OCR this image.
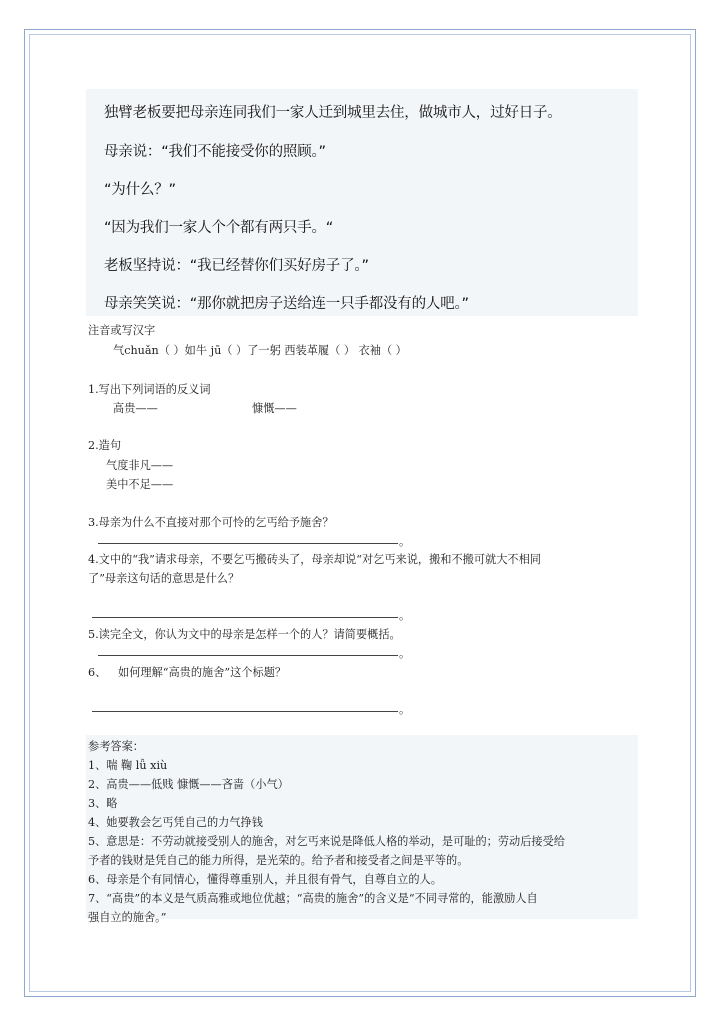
独臂老板要把母亲连同我们一家人迁到城里去住，做城市人，过好日子。
母亲说：“我们不能接受你的照顾。”
“为什么？”
“因为我们一家人个个都有两只手。“
老板坚持说：“我已经替你们买好房子了。”
母亲笑笑说：“那你就把房子送给连一只手都没有的人吧。”
注音或写汉字
气chuǎn（ ）如牛 jū（ ）了一躬 西装革履（ ） 衣袖（ ）
1.写出下列词语的反义词
高贵——	慷慨——
2.造句
气度非凡——
美中不足——
3.母亲为什么不直接对那个可怜的乞丐给予施舍？
。
4.文中的“我”请求母亲，不要乞丐搬砖头了，母亲却说“对乞丐来说，搬和不搬可就大不相同
了”母亲这句话的意思是什么？
。
5.读完全文，你认为文中的母亲是怎样一个的人？请简要概括。
。
6、 如何理解“高贵的施舍”这个标题？
。
参考答案：
1、喘 鞠 lǚ xiù
2、高贵——低贱 慷慨——吝啬（小气）
3、略
4、她要教会乞丐凭自己的力气挣钱
5、意思是：不劳动就接受别人的施舍，对乞丐来说是降低人格的举动，是可耻的；劳动后接受给
予者的钱财是凭自己的能力所得，是光荣的。给予者和接受者之间是平等的。
6、母亲是个有同情心，懂得尊重别人，并且很有骨气，自尊自立的人。
7、“高贵”的本义是气质高雅或地位优越；“高贵的施舍”的含义是“不同寻常的，能激励人自
强自立的施舍。”
